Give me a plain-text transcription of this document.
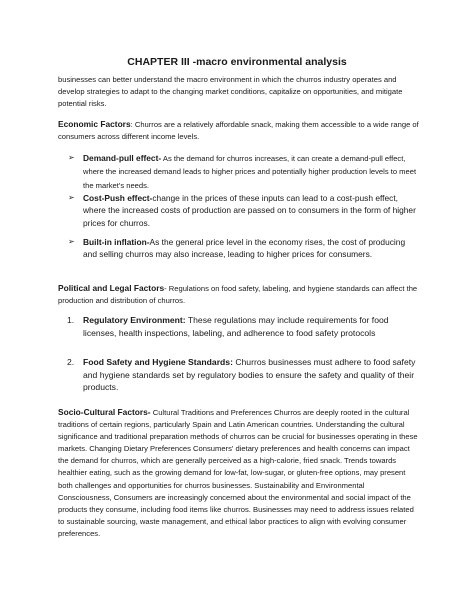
CHAPTER III -macro environmental analysis
businesses can better understand the macro environment in which the churros industry operates and develop strategies to adapt to the changing market conditions, capitalize on opportunities, and mitigate potential risks.
Economic Factors: Churros are a relatively affordable snack, making them accessible to a wide range of consumers across different income levels.
➢ Demand-pull effect- As the demand for churros increases, it can create a demand-pull effect, where the increased demand leads to higher prices and potentially higher production levels to meet the market's needs.
➢ Cost-Push effect-change in the prices of these inputs can lead to a cost-push effect, where the increased costs of production are passed on to consumers in the form of higher prices for churros.
➢ Built-in inflation-As the general price level in the economy rises, the cost of producing and selling churros may also increase, leading to higher prices for consumers.
Political and Legal Factors- Regulations on food safety, labeling, and hygiene standards can affect the production and distribution of churros.
1. Regulatory Environment: These regulations may include requirements for food licenses, health inspections, labeling, and adherence to food safety protocols
2. Food Safety and Hygiene Standards: Churros businesses must adhere to food safety and hygiene standards set by regulatory bodies to ensure the safety and quality of their products.
Socio-Cultural Factors- Cultural Traditions and Preferences Churros are deeply rooted in the cultural traditions of certain regions, particularly Spain and Latin American countries. Understanding the cultural significance and traditional preparation methods of churros can be crucial for businesses operating in these markets. Changing Dietary Preferences Consumers' dietary preferences and health concerns can impact the demand for churros, which are generally perceived as a high-calorie, fried snack. Trends towards healthier eating, such as the growing demand for low-fat, low-sugar, or gluten-free options, may present both challenges and opportunities for churros businesses. Sustainability and Environmental Consciousness, Consumers are increasingly concerned about the environmental and social impact of the products they consume, including food items like churros. Businesses may need to address issues related to sustainable sourcing, waste management, and ethical labor practices to align with evolving consumer preferences.
